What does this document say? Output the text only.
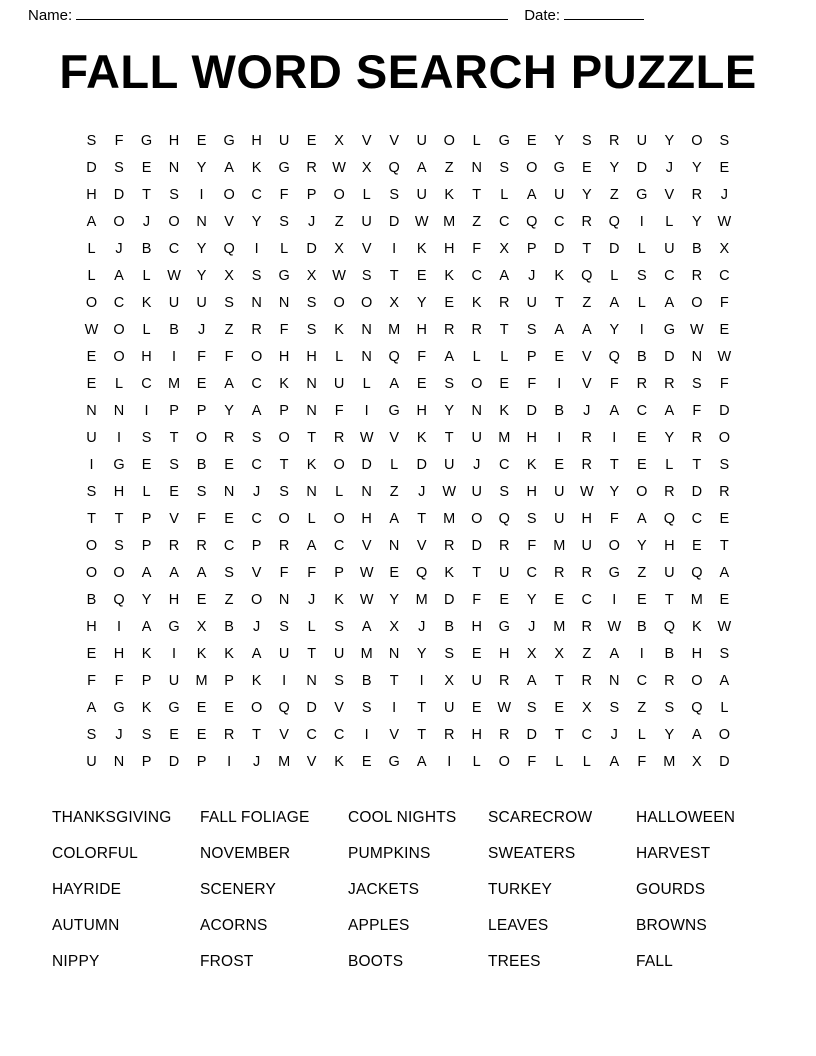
Name:	Date:
FALL WORD SEARCH PUZZLE
S	F	G	H	E	G	H	U	E	X	V	V	U	O	L	G	E	Y	S	R	U	Y	O	S
D	S	E	N	Y	A	K	G	R	W	X	Q	A	Z	N	S	O	G	E	Y	D	J	Y	E
H	D	T	S	I	O	C	F	P	O	L	S	U	K	T	L	A	U	Y	Z	G	V	R	J
A	O	J	O	N	V	Y	S	J	Z	U	D	W	M	Z	C	Q	C	R	Q	I	L	Y	W
L	J	B	C	Y	Q	I	L	D	X	V	I	K	H	F	X	P	D	T	D	L	U	B	X
L	A	L	W	Y	X	S	G	X	W	S	T	E	K	C	A	J	K	Q	L	S	C	R	C
O	C	K	U	U	S	N	N	S	O	O	X	Y	E	K	R	U	T	Z	A	L	A	O	F
W	O	L	B	J	Z	R	F	S	K	N	M	H	R	R	T	S	A	A	Y	I	G	W	E
E	O	H	I	F	F	O	H	H	L	N	Q	F	A	L	L	P	E	V	Q	B	D	N	W
E	L	C	M	E	A	C	K	N	U	L	A	E	S	O	E	F	I	V	F	R	R	S	F
N	N	I	P	P	Y	A	P	N	F	I	G	H	Y	N	K	D	B	J	A	C	A	F	D
U	I	S	T	O	R	S	O	T	R	W	V	K	T	U	M	H	I	R	I	E	Y	R	O
I	G	E	S	B	E	C	T	K	O	D	L	D	U	J	C	K	E	R	T	E	L	T	S
S	H	L	E	S	N	J	S	N	L	N	Z	J	W	U	S	H	U	W	Y	O	R	D	R
T	T	P	V	F	E	C	O	L	O	H	A	T	M	O	Q	S	U	H	F	A	Q	C	E
O	S	P	R	R	C	P	R	A	C	V	N	V	R	D	R	F	M	U	O	Y	H	E	T
O	O	A	A	A	S	V	F	F	P	W	E	Q	K	T	U	C	R	R	G	Z	U	Q	A
B	Q	Y	H	E	Z	O	N	J	K	W	Y	M	D	F	E	Y	E	C	I	E	T	M	E
H	I	A	G	X	B	J	S	L	S	A	X	J	B	H	G	J	M	R	W	B	Q	K	W
E	H	K	I	K	K	A	U	T	U	M	N	Y	S	E	H	X	X	Z	A	I	B	H	S
F	F	P	U	M	P	K	I	N	S	B	T	I	X	U	R	A	T	R	N	C	R	O	A
A	G	K	G	E	E	O	Q	D	V	S	I	T	U	E	W	S	E	X	S	Z	S	Q	L
S	J	S	E	E	R	T	V	C	C	I	V	T	R	H	R	D	T	C	J	L	Y	A	O
U	N	P	D	P	I	J	M	V	K	E	G	A	I	L	O	F	L	L	A	F	M	X	D
THANKSGIVING	FALL FOLIAGE	COOL NIGHTS	SCARECROW	HALLOWEEN
COLORFUL	NOVEMBER	PUMPKINS	SWEATERS	HARVEST
HAYRIDE	SCENERY	JACKETS	TURKEY	GOURDS
AUTUMN	ACORNS	APPLES	LEAVES	BROWNS
NIPPY	FROST	BOOTS	TREES	FALL
